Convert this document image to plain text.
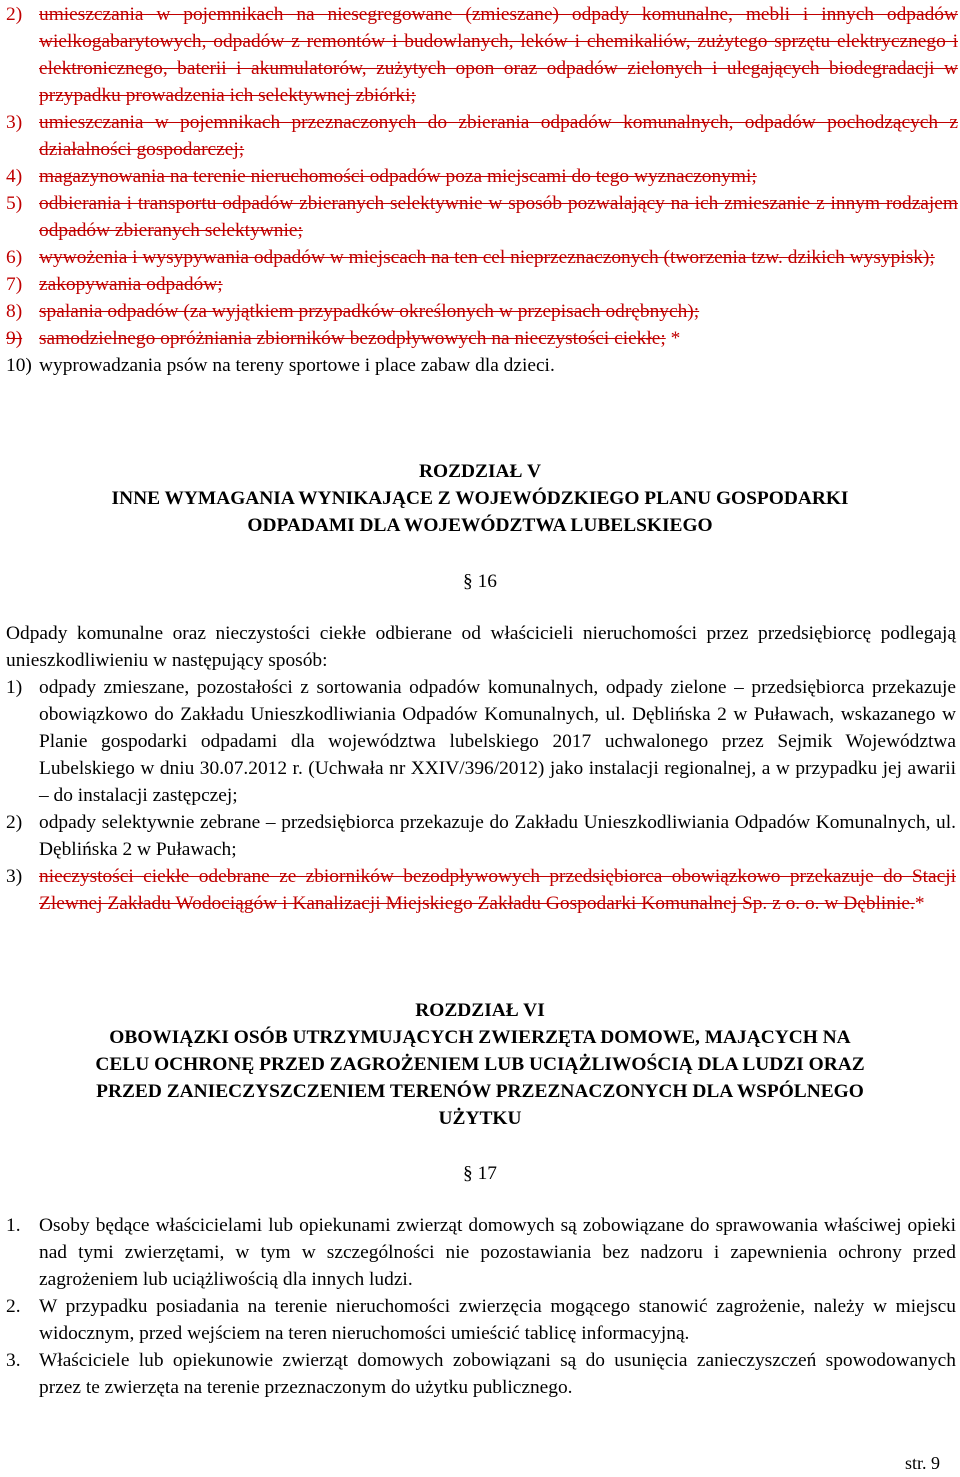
2) umieszczania w pojemnikach na niesegregowane (zmieszane) odpady komunalne, mebli i innych odpadów wielkogabarytowych, odpadów z remontów i budowlanych, leków i chemikaliów, zużytego sprzętu elektrycznego i elektronicznego, baterii i akumulatorów, zużytych opon oraz odpadów zielonych i ulegających biodegradacji w przypadku prowadzenia ich selektywnej zbiórki;
3) umieszczania w pojemnikach przeznaczonych do zbierania odpadów komunalnych, odpadów pochodzących z działalności gospodarczej;
4) magazynowania na terenie nieruchomości odpadów poza miejscami do tego wyznaczonymi;
5) odbierania i transportu odpadów zbieranych selektywnie w sposób pozwalający na ich zmieszanie z innym rodzajem odpadów zbieranych selektywnie;
6) wywożenia i wysypywania odpadów w miejscach na ten cel nieprzeznaczonych (tworzenia tzw. dzikich wysypisk);
7) zakopywania odpadów;
8) spalania odpadów (za wyjątkiem przypadków określonych w przepisach odrębnych);
9) samodzielnego opróżniania zbiorników bezodpływowych na nieczystości ciekłe; *
10) wyprowadzania psów na tereny sportowe i place zabaw dla dzieci.

ROZDZIAŁ V

INNE WYMAGANIA WYNIKAJĄCE Z WOJEWÓDZKIEGO PLANU GOSPODARKI

ODPADAMI DLA WOJEWÓDZTWA LUBELSKIEGO

§ 16

Odpady komunalne oraz nieczystości ciekłe odbierane od właścicieli nieruchomości przez przedsiębiorcę podlegają unieszkodliwieniu w następujący sposób:

1) odpady zmieszane, pozostałości z sortowania odpadów komunalnych, odpady zielone – przedsiębiorca przekazuje obowiązkowo do Zakładu Unieszkodliwiania Odpadów Komunalnych, ul. Dęblińska 2 w Puławach, wskazanego w Planie gospodarki odpadami dla województwa lubelskiego 2017 uchwalonego przez Sejmik Województwa Lubelskiego w dniu 30.07.2012 r. (Uchwała nr XXIV/396/2012) jako instalacji regionalnej, a w przypadku jej awarii – do instalacji zastępczej;
2) odpady selektywnie zebrane – przedsiębiorca przekazuje do Zakładu Unieszkodliwiania Odpadów Komunalnych, ul. Dęblińska 2 w Puławach;
3) nieczystości ciekłe odebrane ze zbiorników bezodpływowych przedsiębiorca obowiązkowo przekazuje do Stacji Zlewnej Zakładu Wodociągów i Kanalizacji Miejskiego Zakładu Gospodarki Komunalnej Sp. z o. o. w Dęblinie.*

ROZDZIAŁ VI

OBOWIĄZKI OSÓB UTRZYMUJĄCYCH ZWIERZĘTA DOMOWE, MAJĄCYCH NA

CELU OCHRONĘ PRZED ZAGROŻENIEM LUB UCIĄŻLIWOŚCIĄ DLA LUDZI ORAZ

PRZED ZANIECZYSZCZENIEM TERENÓW PRZEZNACZONYCH DLA WSPÓLNEGO

UŻYTKU

§ 17

1. Osoby będące właścicielami lub opiekunami zwierząt domowych są zobowiązane do sprawowania właściwej opieki nad tymi zwierzętami, w tym w szczególności nie pozostawiania bez nadzoru i zapewnienia ochrony przed zagrożeniem lub uciążliwością dla innych ludzi.
2. W przypadku posiadania na terenie nieruchomości zwierzęcia mogącego stanowić zagrożenie, należy w miejscu widocznym, przed wejściem na teren nieruchomości umieścić tablicę informacyjną.
3. Właściciele lub opiekunowie zwierząt domowych zobowiązani są do usunięcia zanieczyszczeń spowodowanych przez te zwierzęta na terenie przeznaczonym do użytku publicznego.
str. 9
